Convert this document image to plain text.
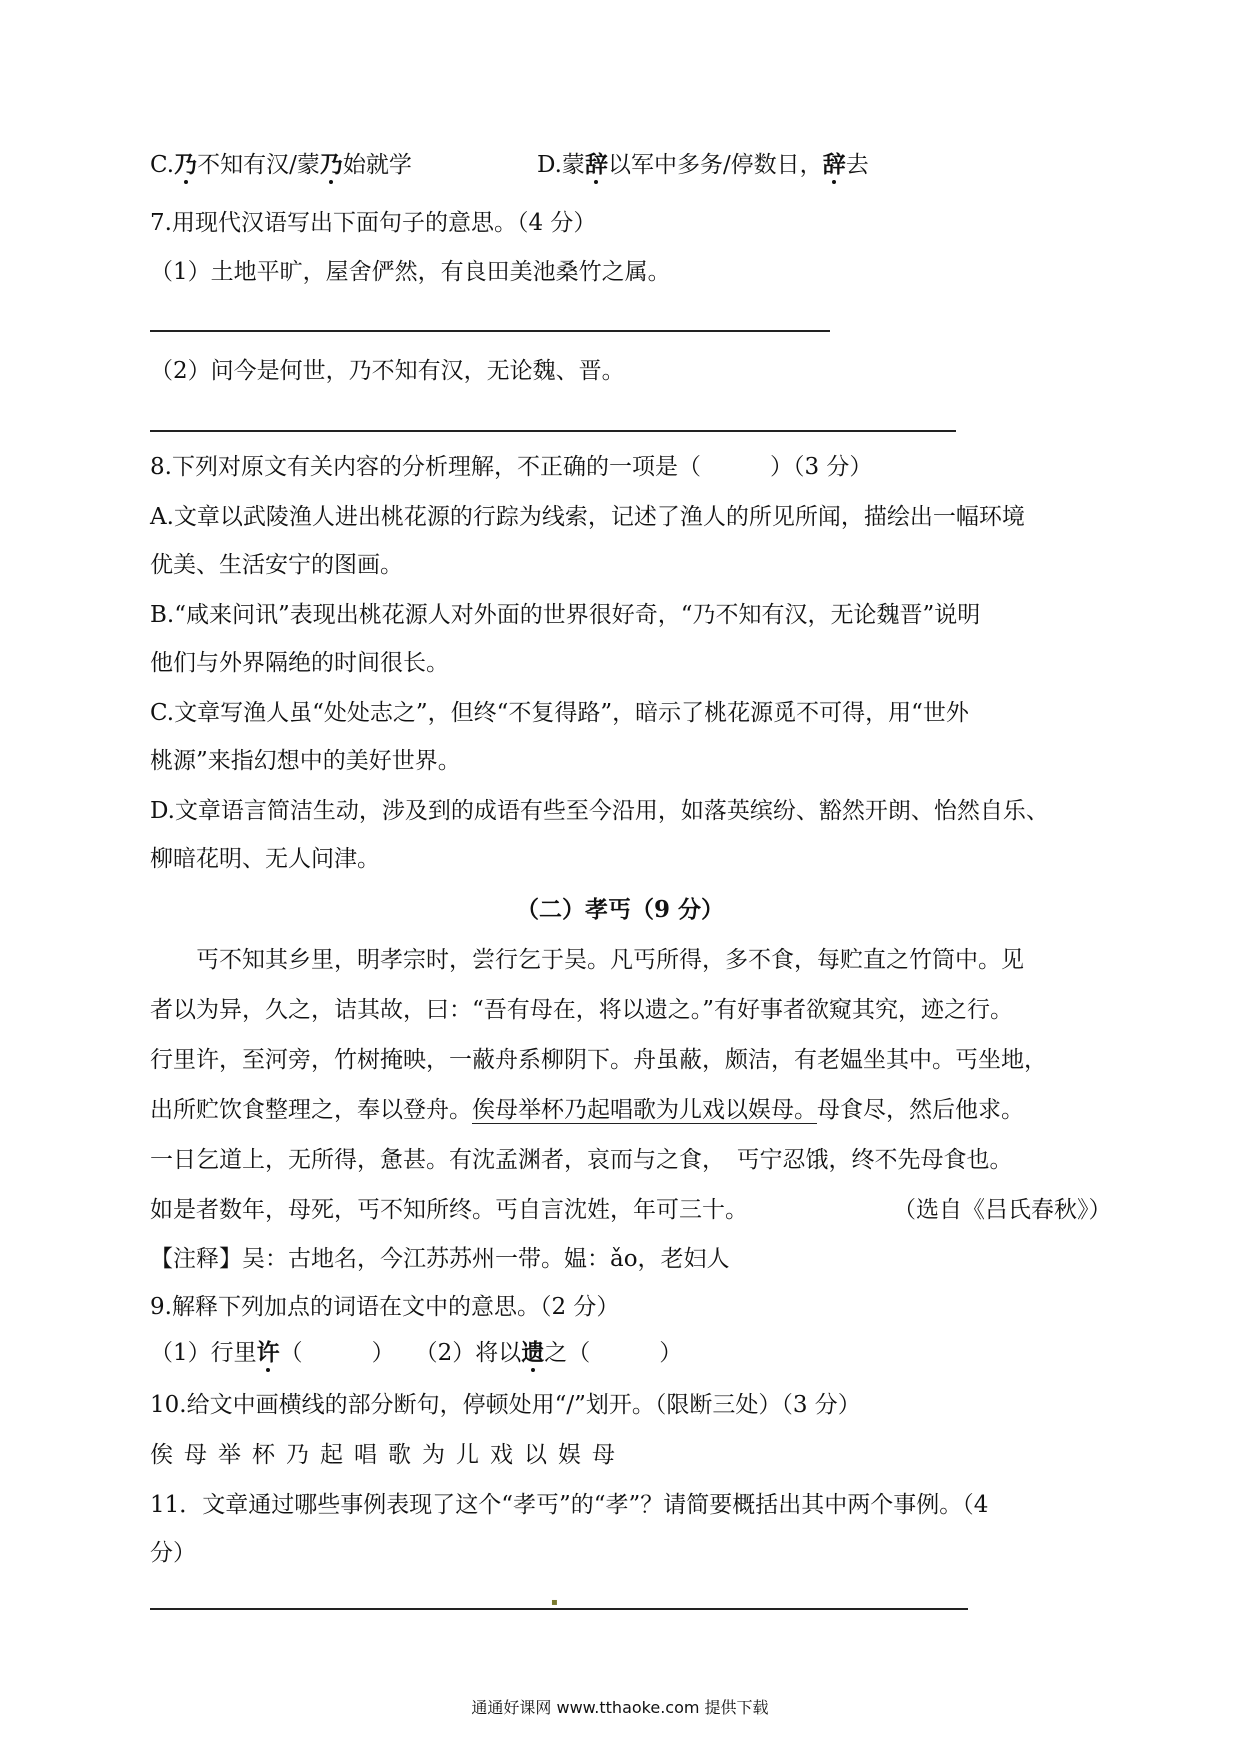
C.乃不知有汉/蒙乃始就学	D.蒙辞以军中多务/停数日，辞去
7.用现代汉语写出下面句子的意思。（4 分）
（1）土地平旷，屋舍俨然，有良田美池桑竹之属。
（2）问今是何世，乃不知有汉，无论魏、晋。
8.下列对原文有关内容的分析理解，不正确的一项是（　　　）（3 分）
A.文章以武陵渔人进出桃花源的行踪为线索，记述了渔人的所见所闻，描绘出一幅环境
优美、生活安宁的图画。
B.“咸来问讯”表现出桃花源人对外面的世界很好奇，“乃不知有汉，无论魏晋”说明
他们与外界隔绝的时间很长。
C.文章写渔人虽“处处志之”，但终“不复得路”，暗示了桃花源觅不可得，用“世外
桃源”来指幻想中的美好世界。
D.文章语言简洁生动，涉及到的成语有些至今沿用，如落英缤纷、豁然开朗、怡然自乐、
柳暗花明、无人问津。
（二）孝丐（9 分）
丐不知其乡里，明孝宗时，尝行乞于吴。凡丐所得，多不食，每贮直之竹筒中。见
者以为异，久之，诘其故，曰：“吾有母在，将以遗之。”有好事者欲窥其究，迹之行。
行里许，至河旁，竹树掩映，一蔽舟系柳阴下。舟虽蔽，颇洁，有老媪坐其中。丐坐地，
出所贮饮食整理之，奉以登舟。俟母举杯乃起唱歌为儿戏以娱母。母食尽，然后他求。
一日乞道上，无所得，惫甚。有沈孟渊者，哀而与之食，　丐宁忍饿，终不先母食也。
如是者数年，母死，丐不知所终。丐自言沈姓，年可三十。	（选自《吕氏春秋》）
【注释】吴：古地名，今江苏苏州一带。媪：ǎo，老妇人
9.解释下列加点的词语在文中的意思。（2 分）
（1）行里许（　　　） （2）将以遗之（　　　）
10.给文中画横线的部分断句，停顿处用“/”划开。（限断三处）（3 分）
俟母举杯乃起唱歌为儿戏以娱母
11．文章通过哪些事例表现了这个“孝丐”的“孝”？请简要概括出其中两个事例。（4
分）
▪
通通好课网 www.tthaoke.com 提供下载
